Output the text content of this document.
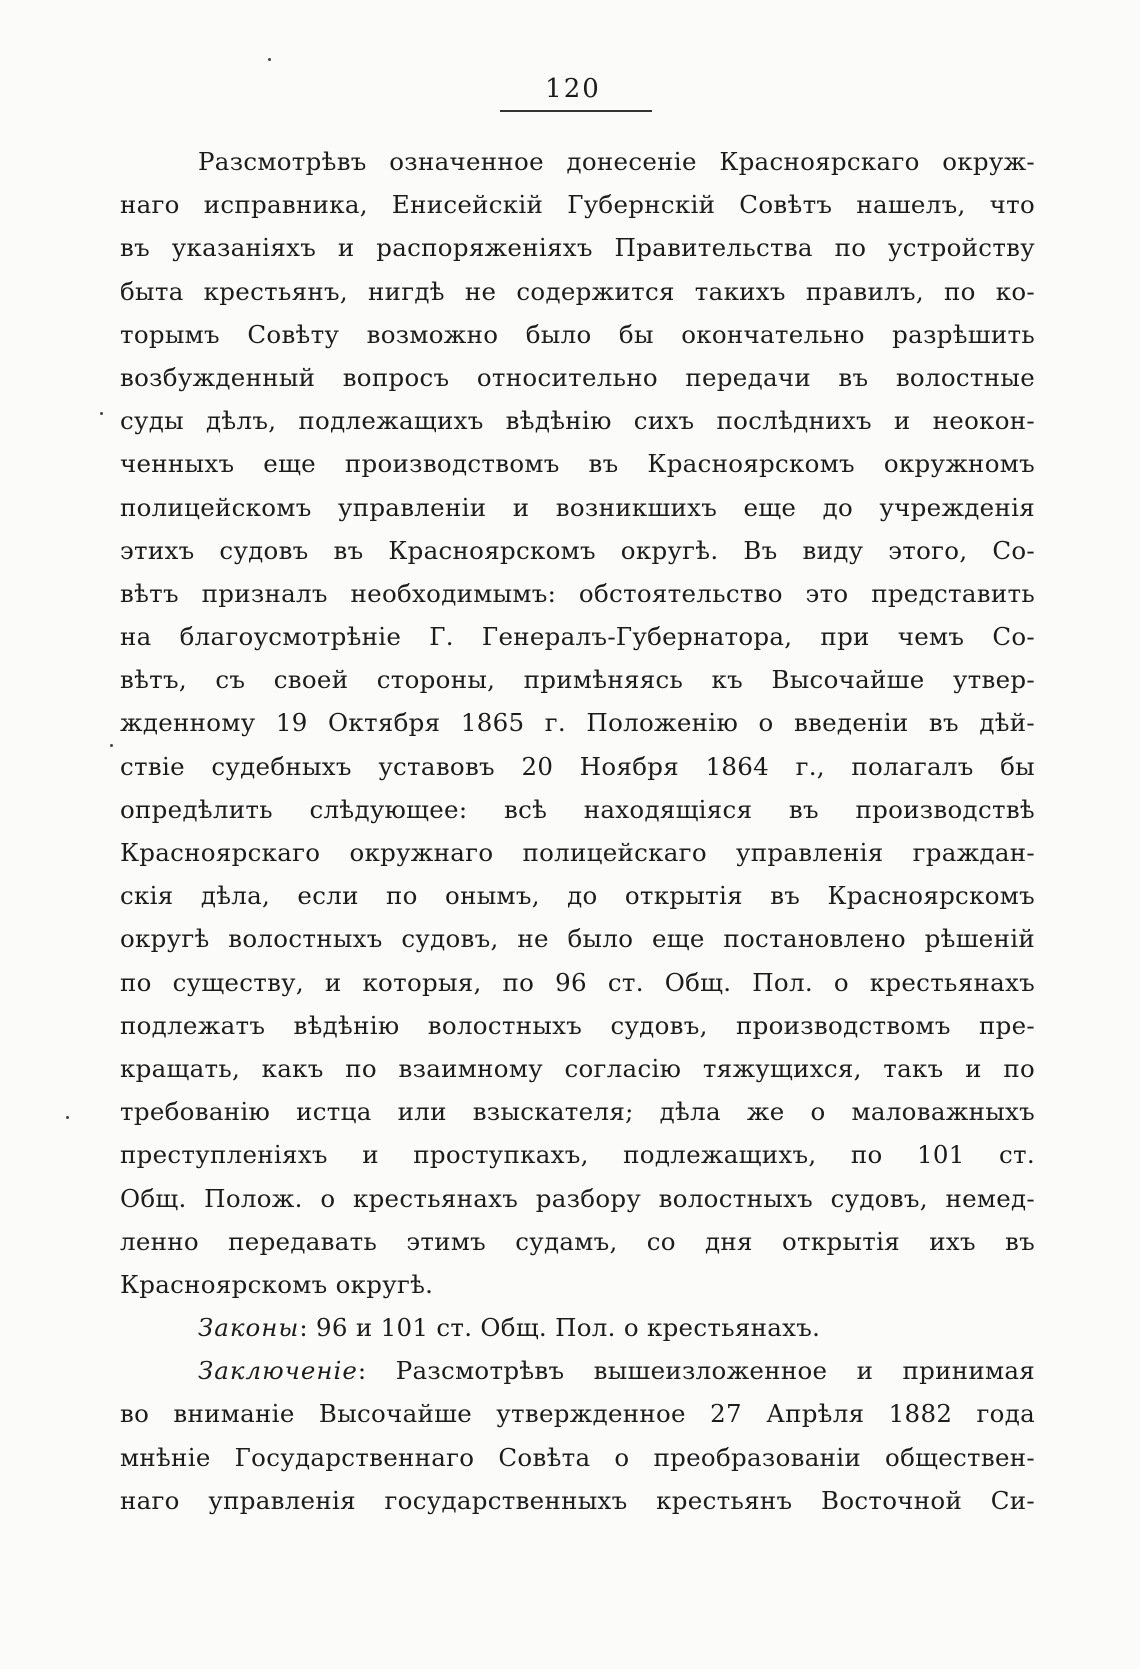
120
Разсмотрѣвъ означенное донесеніе Красноярскаго окруж-
наго исправника, Енисейскій Губернскій Совѣтъ нашелъ, что
въ указаніяхъ и распоряженіяхъ Правительства по устройству
быта крестьянъ, нигдѣ не содержится такихъ правилъ, по ко-
торымъ Совѣту возможно было бы окончательно разрѣшить
возбужденный вопросъ относительно передачи въ волостные
суды дѣлъ, подлежащихъ вѣдѣнію сихъ послѣднихъ и неокон-
ченныхъ еще производствомъ въ Красноярскомъ окружномъ
полицейскомъ управленіи и возникшихъ еще до учрежденія
этихъ судовъ въ Красноярскомъ округѣ. Въ виду этого, Со-
вѣтъ призналъ необходимымъ: обстоятельство это представить
на благоусмотрѣніе Г. Генералъ-Губернатора, при чемъ Со-
вѣтъ, съ своей стороны, примѣняясь къ Высочайше утвер-
жденному 19 Октября 1865 г. Положенію о введеніи въ дѣй-
ствіе судебныхъ уставовъ 20 Ноября 1864 г., полагалъ бы
опредѣлить слѣдующее: всѣ находящіяся въ производствѣ
Красноярскаго окружнаго полицейскаго управленія граждан-
скія дѣла, если по онымъ, до открытія въ Красноярскомъ
округѣ волостныхъ судовъ, не было еще постановлено рѣшеній
по существу, и которыя, по 96 ст. Общ. Пол. о крестьянахъ
подлежатъ вѣдѣнію волостныхъ судовъ, производствомъ пре-
кращать, какъ по взаимному согласію тяжущихся, такъ и по
требованію истца или взыскателя; дѣла же о маловажныхъ
преступленіяхъ и проступкахъ, подлежащихъ, по 101 ст.
Общ. Полож. о крестьянахъ разбору волостныхъ судовъ, немед-
ленно передавать этимъ судамъ, со дня открытія ихъ въ
Красноярскомъ округѣ.
Законы: 96 и 101 ст. Общ. Пол. о крестьянахъ.
Заключеніе: Разсмотрѣвъ вышеизложенное и принимая
во вниманіе Высочайше утвержденное 27 Апрѣля 1882 года
мнѣніе Государственнаго Совѣта о преобразованіи обществен-
наго управленія государственныхъ крестьянъ Восточной Си-
